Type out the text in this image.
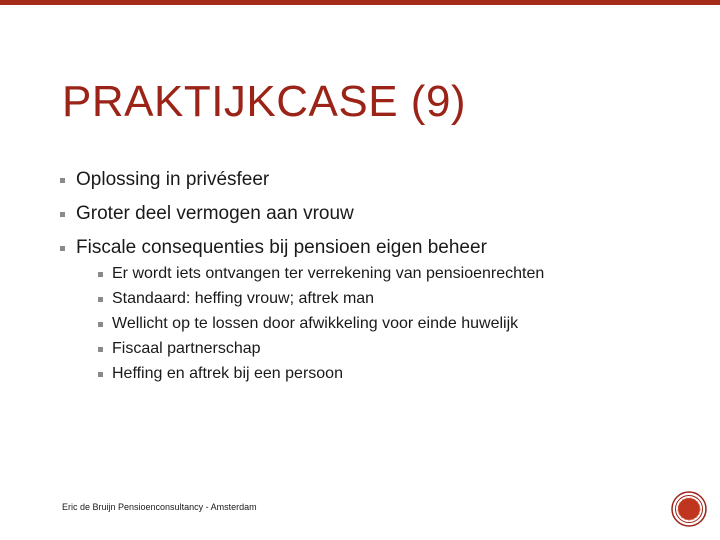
PRAKTIJKCASE (9)
Oplossing in privésfeer
Groter deel vermogen aan vrouw
Fiscale consequenties bij pensioen eigen beheer
Er wordt iets ontvangen ter verrekening van pensioenrechten
Standaard: heffing vrouw; aftrek man
Wellicht op te lossen door afwikkeling voor einde huwelijk
Fiscaal partnerschap
Heffing en aftrek bij een persoon
Eric de Bruijn Pensioenconsultancy - Amsterdam
